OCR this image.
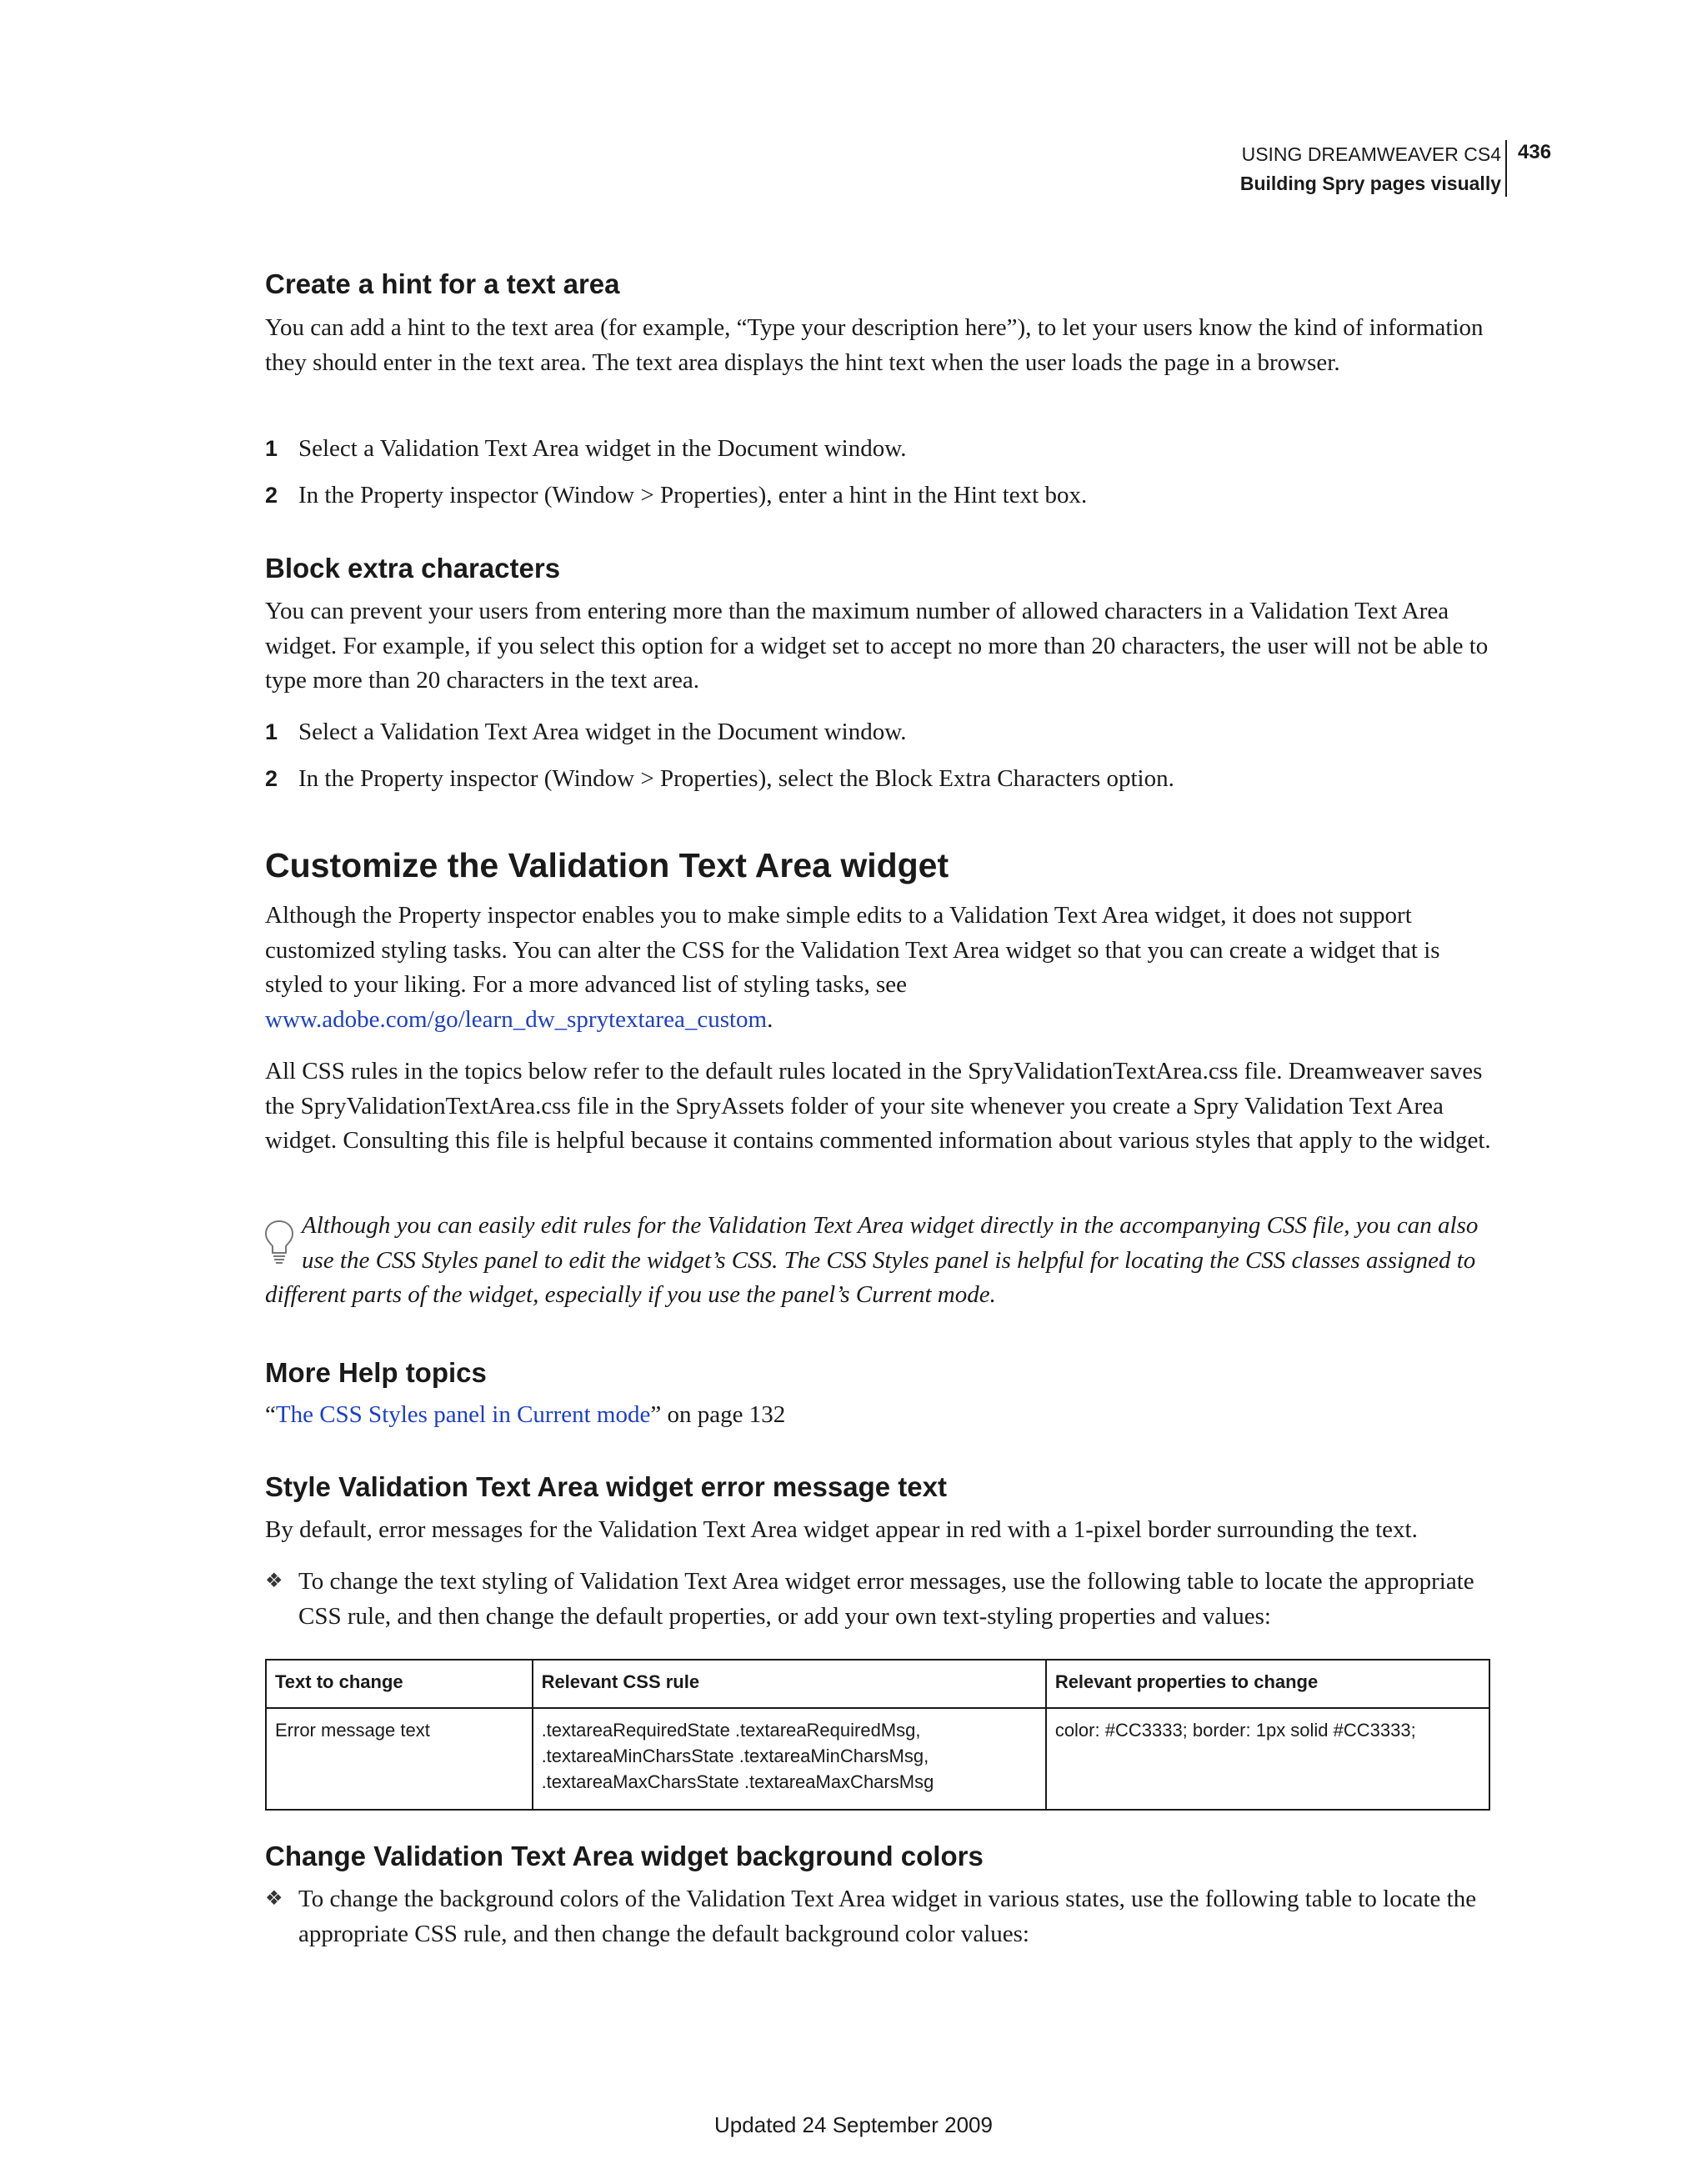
USING DREAMWEAVER CS4
Building Spry pages visually
436
Create a hint for a text area
You can add a hint to the text area (for example, “Type your description here”), to let your users know the kind of information they should enter in the text area. The text area displays the hint text when the user loads the page in a browser.
1 Select a Validation Text Area widget in the Document window.
2 In the Property inspector (Window > Properties), enter a hint in the Hint text box.
Block extra characters
You can prevent your users from entering more than the maximum number of allowed characters in a Validation Text Area widget. For example, if you select this option for a widget set to accept no more than 20 characters, the user will not be able to type more than 20 characters in the text area.
1 Select a Validation Text Area widget in the Document window.
2 In the Property inspector (Window > Properties), select the Block Extra Characters option.
Customize the Validation Text Area widget
Although the Property inspector enables you to make simple edits to a Validation Text Area widget, it does not support customized styling tasks. You can alter the CSS for the Validation Text Area widget so that you can create a widget that is styled to your liking. For a more advanced list of styling tasks, see
www.adobe.com/go/learn_dw_sprytextarea_custom.
All CSS rules in the topics below refer to the default rules located in the SpryValidationTextArea.css file. Dreamweaver saves the SpryValidationTextArea.css file in the SpryAssets folder of your site whenever you create a Spry Validation Text Area widget. Consulting this file is helpful because it contains commented information about various styles that apply to the widget.
Although you can easily edit rules for the Validation Text Area widget directly in the accompanying CSS file, you can also use the CSS Styles panel to edit the widget’s CSS. The CSS Styles panel is helpful for locating the CSS classes assigned to different parts of the widget, especially if you use the panel’s Current mode.
More Help topics
“The CSS Styles panel in Current mode” on page 132
Style Validation Text Area widget error message text
By default, error messages for the Validation Text Area widget appear in red with a 1-pixel border surrounding the text.
❖ To change the text styling of Validation Text Area widget error messages, use the following table to locate the appropriate CSS rule, and then change the default properties, or add your own text-styling properties and values:
Text to change	Relevant CSS rule	Relevant properties to change
Error message text	.textareaRequiredState .textareaRequiredMsg,
.textareaMinCharsState .textareaMinCharsMsg,
.textareaMaxCharsState .textareaMaxCharsMsg	color: #CC3333; border: 1px solid #CC3333;
Change Validation Text Area widget background colors
❖ To change the background colors of the Validation Text Area widget in various states, use the following table to locate the appropriate CSS rule, and then change the default background color values:
Updated 24 September 2009
